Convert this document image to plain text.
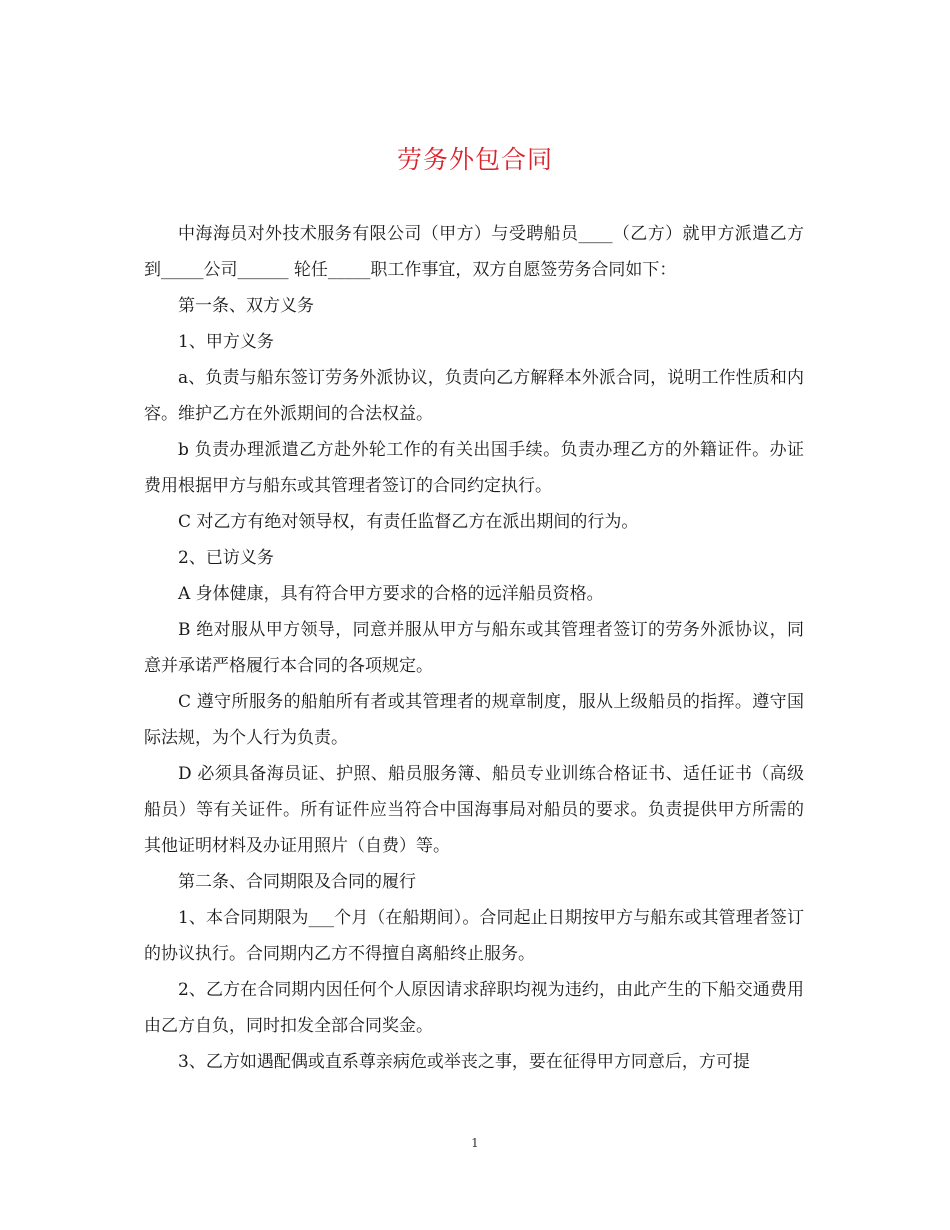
劳务外包合同

中海海员对外技术服务有限公司（甲方）与受聘船员____（乙方）就甲方派遣乙方到_____公司______ 轮任_____职工作事宜，双方自愿签劳务合同如下：

第一条、双方义务

1、甲方义务

a、负责与船东签订劳务外派协议，负责向乙方解释本外派合同，说明工作性质和内容。维护乙方在外派期间的合法权益。

b 负责办理派遣乙方赴外轮工作的有关出国手续。负责办理乙方的外籍证件。办证费用根据甲方与船东或其管理者签订的合同约定执行。

C 对乙方有绝对领导权，有责任监督乙方在派出期间的行为。

2、已访义务

A 身体健康，具有符合甲方要求的合格的远洋船员资格。

B 绝对服从甲方领导，同意并服从甲方与船东或其管理者签订的劳务外派协议，同意并承诺严格履行本合同的各项规定。

C 遵守所服务的船舶所有者或其管理者的规章制度，服从上级船员的指挥。遵守国际法规，为个人行为负责。

D 必须具备海员证、护照、船员服务簿、船员专业训练合格证书、适任证书（高级船员）等有关证件。所有证件应当符合中国海事局对船员的要求。负责提供甲方所需的其他证明材料及办证用照片（自费）等。

第二条、合同期限及合同的履行

1、本合同期限为___个月（在船期间）。合同起止日期按甲方与船东或其管理者签订的协议执行。合同期内乙方不得擅自离船终止服务。

2、乙方在合同期内因任何个人原因请求辞职均视为违约，由此产生的下船交通费用由乙方自负，同时扣发全部合同奖金。

3、乙方如遇配偶或直系尊亲病危或举丧之事，要在征得甲方同意后，方可提

1
